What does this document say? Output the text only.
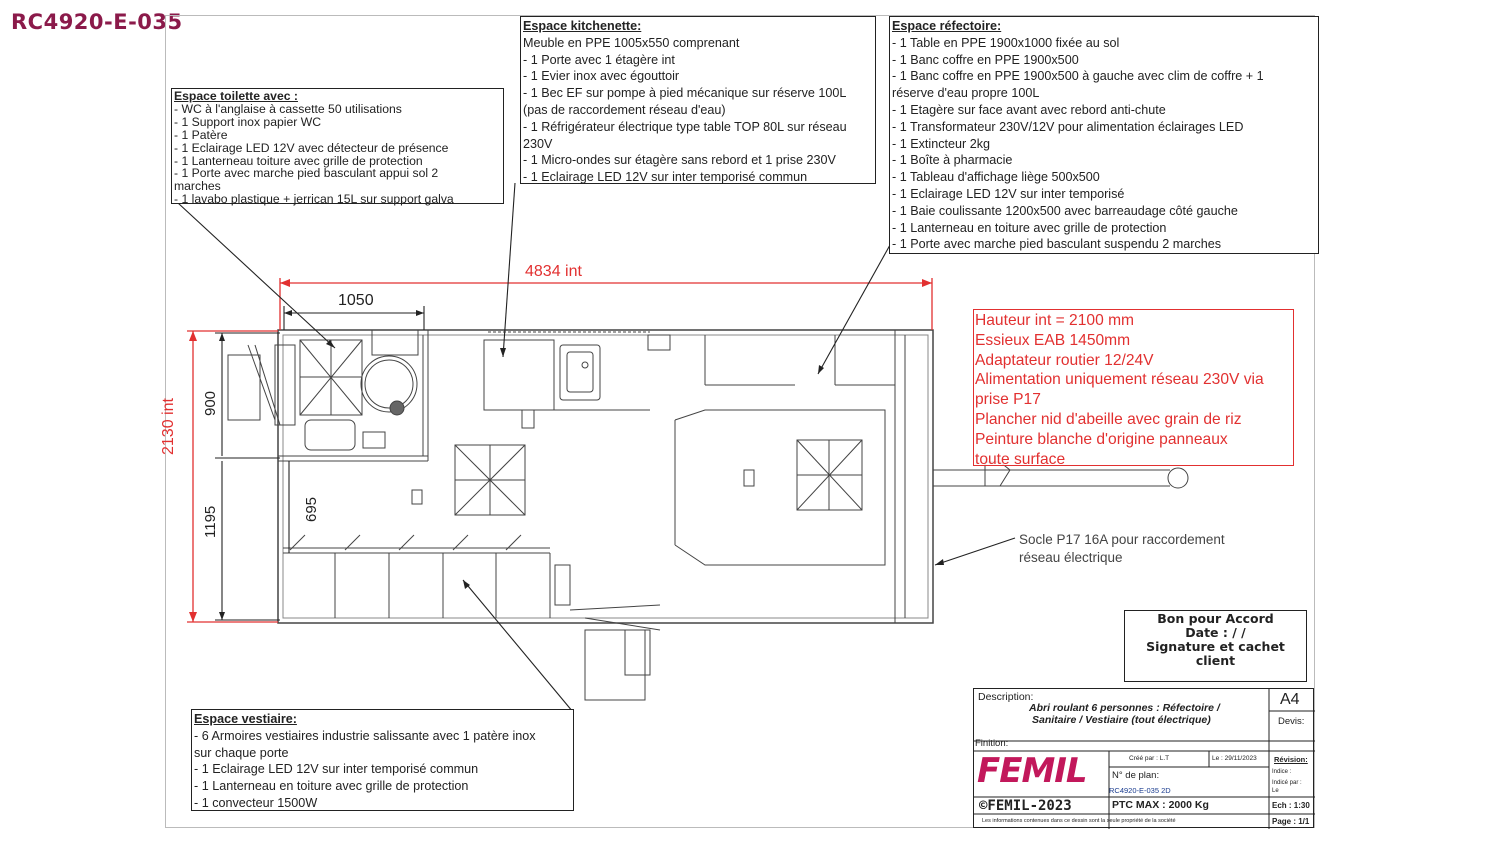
RC4920-E-035
4834 int
2130 int
1050
900
1195	695
Espace toilette avec :
- WC à l'anglaise à cassette 50 utilisations
- 1 Support inox papier WC
- 1 Patère
- 1 Eclairage LED 12V avec détecteur de présence
- 1 Lanterneau toiture avec grille de protection
- 1 Porte avec marche pied basculant appui sol 2
marches
- 1 lavabo plastique + jerrican 15L sur support galva
Espace kitchenette:
Meuble en PPE 1005x550 comprenant
- 1 Porte avec 1 étagère int
- 1 Evier inox avec égouttoir
- 1 Bec EF sur pompe à pied mécanique sur réserve 100L
(pas de raccordement réseau d'eau)
- 1 Réfrigérateur électrique type table TOP 80L sur réseau
230V
- 1 Micro-ondes sur étagère sans rebord et 1 prise 230V
- 1 Eclairage LED 12V sur inter temporisé commun
Espace réfectoire:
- 1 Table en PPE 1900x1000 fixée au sol
- 1 Banc coffre en PPE 1900x500
- 1 Banc coffre en PPE 1900x500 à gauche avec clim de coffre + 1
réserve d'eau propre 100L
- 1 Etagère sur face avant avec rebord anti-chute
- 1 Transformateur 230V/12V pour alimentation éclairages LED
- 1 Extincteur 2kg
- 1 Boîte à pharmacie
- 1 Tableau d'affichage liège 500x500
- 1 Eclairage LED 12V sur inter temporisé
- 1 Baie coulissante 1200x500 avec barreaudage côté gauche
- 1 Lanterneau en toiture avec grille de protection
- 1 Porte avec marche pied basculant suspendu 2 marches
Espace vestiaire:
- 6 Armoires vestiaires industrie salissante avec 1 patère inox
sur chaque porte
- 1 Eclairage LED 12V sur inter temporisé commun
- 1 Lanterneau en toiture avec grille de protection
- 1 convecteur 1500W
Hauteur int = 2100 mm
Essieux EAB 1450mm
Adaptateur routier 12/24V
Alimentation uniquement réseau 230V via
prise P17
Plancher nid d'abeille avec grain de riz
Peinture blanche d'origine panneaux
toute surface
Socle P17 16A pour raccordement
réseau électrique
Bon pour Accord
Date : / /
Signature et cachet client
Description:
Abri roulant 6 personnes : Réfectoire /
Sanitaire / Vestiaire (tout électrique)
A4
Devis:
Finition:
FEMIL	Créé par : L.T	Le : 29/11/2023 Révision:
Indice :
Indicé par :
Le
N° de plan:
RC4920-E-035 2D
©FEMIL-2023	PTC MAX : 2000 Kg	Ech : 1:30
Les informations contenues dans ce dessin sont la seule propriété de la société	Page : 1/1
